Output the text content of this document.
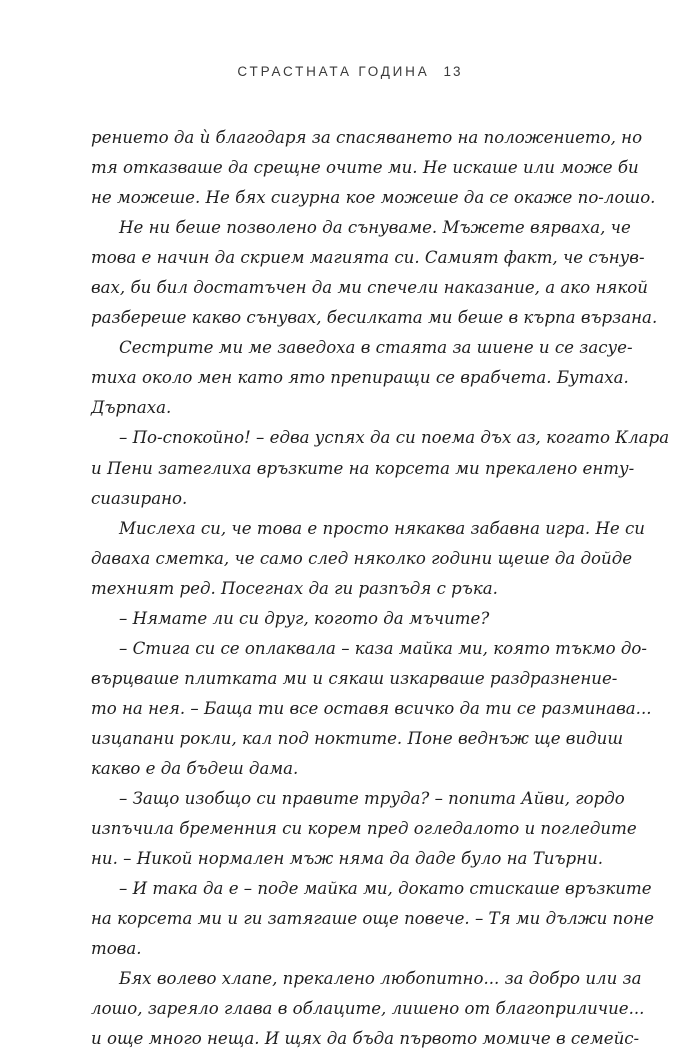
СТРАСТНАТА ГОДИНА 13
рението да ѝ благодаря за спасяването на положението, но
тя отказваше да срещне очите ми. Не искаше или може би
не можеше. Не бях сигурна кое можеше да се окаже по-лошо.
Не ни беше позволено да сънуваме. Мъжете вярваха, че
това е начин да скрием магията си. Самият факт, че сънув-
вах, би бил достатъчен да ми спечели наказание, а ако някой
разбереше какво сънувах, бесилката ми беше в кърпа вързана.
Сестрите ми ме заведоха в стаята за шиене и се засуе-
тиха около мен като ято препиращи се врабчета. Бутаха.
Дърпаха.
– По-спокойно! – едва успях да си поема дъх аз, когато Клара
и Пени затеглиха връзките на корсета ми прекалено енту-
сиазирано.
Мислеха си, че това е просто някаква забавна игра. Не си
даваха сметка, че само след няколко години щеше да дойде
техният ред. Посегнах да ги разпъдя с ръка.
– Нямате ли си друг, когото да мъчите?
– Стига си се оплаквала – каза майка ми, която тъкмо до-
върцваше плитката ми и сякаш изкарваше раздразнение-
то на нея. – Баща ти все оставя всичко да ти се разминава...
изцапани рокли, кал под ноктите. Поне веднъж ще видиш
какво е да бъдеш дама.
– Защо изобщо си правите труда? – попита Айви, гордо
изпъчила бременния си корем пред огледалото и погледите
ни. – Никой нормален мъж няма да даде було на Тиърни.
– И така да е – поде майка ми, докато стискаше връзките
на корсета ми и ги затягаше още повече. – Тя ми дължи поне
това.
Бях волево хлапе, прекалено любопитно... за добро или за
лошо, зареяло глава в облаците, лишено от благоприличие...
и още много неща. И щях да бъда първото момиче в семейс-
